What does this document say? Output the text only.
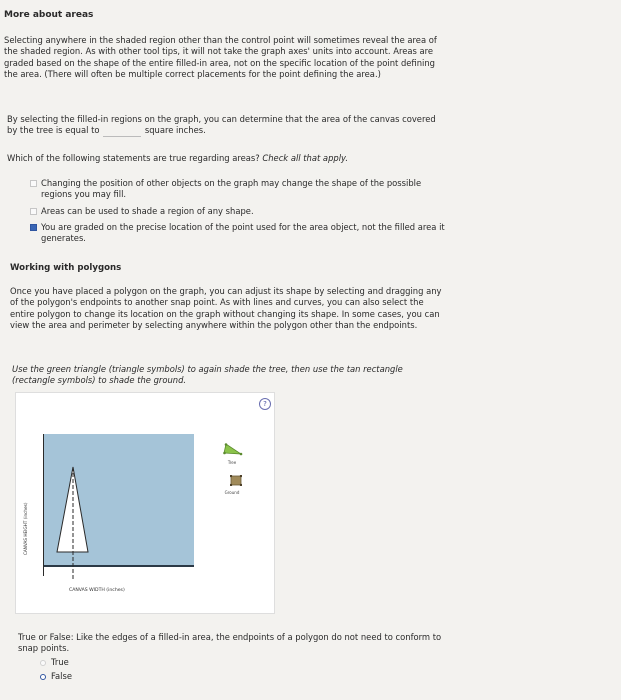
More about areas
Selecting anywhere in the shaded region other than the control point will sometimes reveal the area of the shaded region. As with other tool tips, it will not take the graph axes' units into account. Areas are graded based on the shape of the entire filled-in area, not on the specific location of the point defining the area. (There will often be multiple correct placements for the point defining the area.)
By selecting the filled-in regions on the graph, you can determine that the area of the canvas covered by the tree is equal to	square inches.
Which of the following statements are true regarding areas? Check all that apply.
Changing the position of other objects on the graph may change the shape of the possible regions you may fill.
Areas can be used to shade a region of any shape.
You are graded on the precise location of the point used for the area object, not the filled area it generates.
Working with polygons
Once you have placed a polygon on the graph, you can adjust its shape by selecting and dragging any of the polygon's endpoints to another snap point. As with lines and curves, you can also select the entire polygon to change its location on the graph without changing its shape. In some cases, you can view the area and perimeter by selecting anywhere within the polygon other than the endpoints.
Use the green triangle (triangle symbols) to again shade the tree, then use the tan rectangle (rectangle symbols) to shade the ground.
?
CANVAS HEIGHT (inches)
CANVAS WIDTH (inches)
Tree
Ground
True or False: Like the edges of a filled-in area, the endpoints of a polygon do not need to conform to snap points.
True
False
